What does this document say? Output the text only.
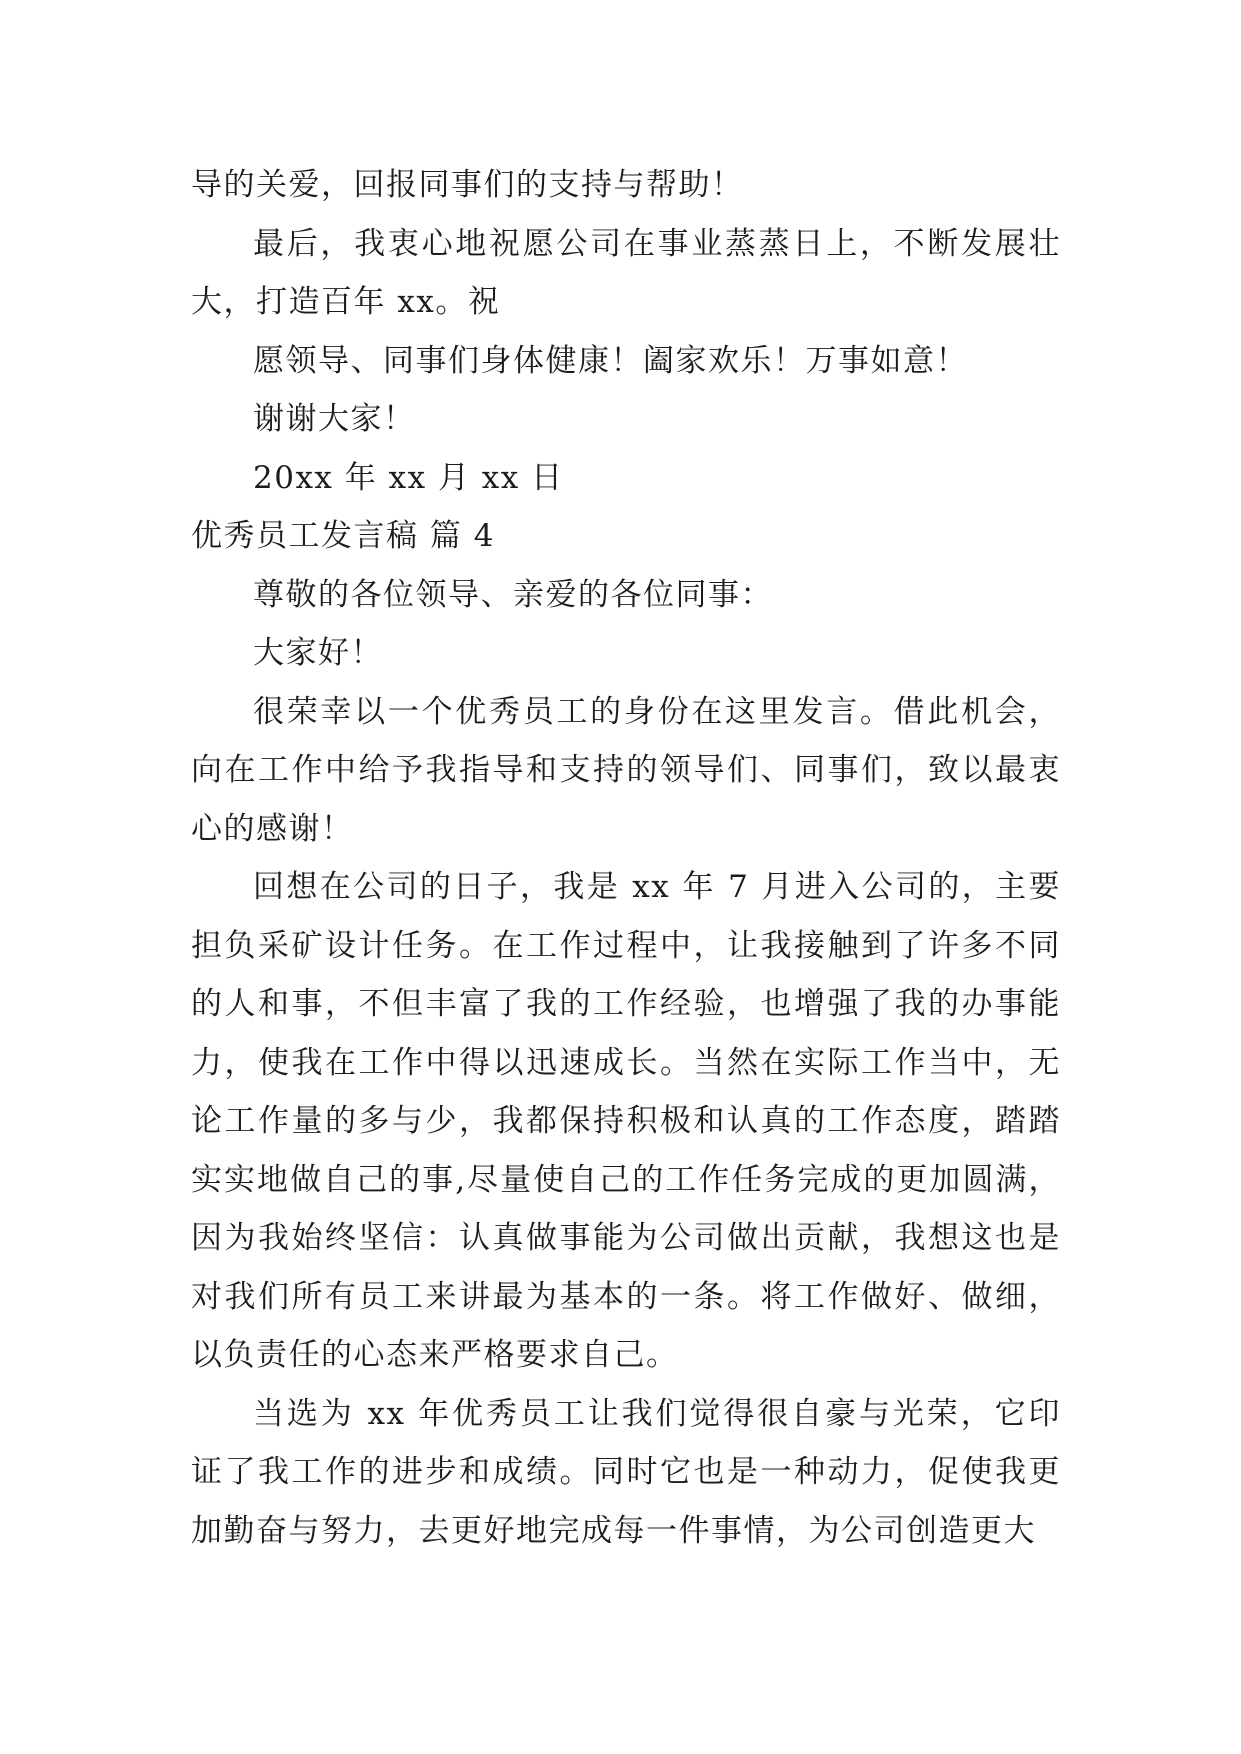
导的关爱，回报同事们的支持与帮助！

最后，我衷心地祝愿公司在事业蒸蒸日上，不断发展壮大，打造百年 xx。祝

愿领导、同事们身体健康！阖家欢乐！万事如意！

谢谢大家！

20xx 年 xx 月 xx 日

优秀员工发言稿 篇 4

尊敬的各位领导、亲爱的各位同事：

大家好！

很荣幸以一个优秀员工的身份在这里发言。借此机会，向在工作中给予我指导和支持的领导们、同事们，致以最衷心的感谢！

回想在公司的日子，我是 xx 年 7 月进入公司的，主要担负采矿设计任务。在工作过程中，让我接触到了许多不同的人和事，不但丰富了我的工作经验，也增强了我的办事能力，使我在工作中得以迅速成长。当然在实际工作当中，无论工作量的多与少，我都保持积极和认真的工作态度，踏踏实实地做自己的事,尽量使自己的工作任务完成的更加圆满，因为我始终坚信：认真做事能为公司做出贡献，我想这也是对我们所有员工来讲最为基本的一条。将工作做好、做细，以负责任的心态来严格要求自己。

当选为 xx 年优秀员工让我们觉得很自豪与光荣，它印证了我工作的进步和成绩。同时它也是一种动力，促使我更加勤奋与努力，去更好地完成每一件事情，为公司创造更大
